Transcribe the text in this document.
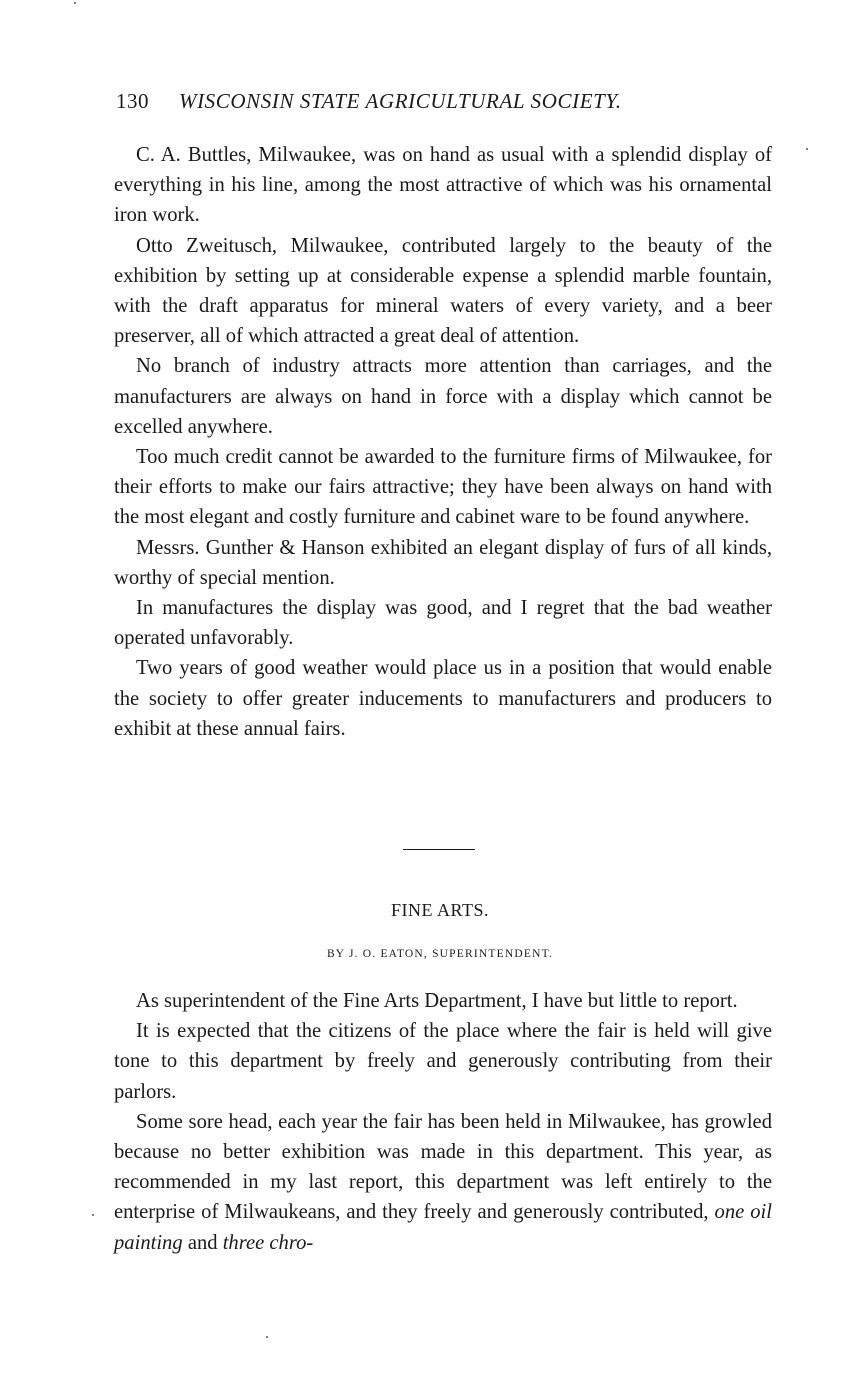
130 WISCONSIN STATE AGRICULTURAL SOCIETY.

C. A. Buttles, Milwaukee, was on hand as usual with a splendid display of everything in his line, among the most attractive of which was his ornamental iron work.

Otto Zweitusch, Milwaukee, contributed largely to the beauty of the exhibition by setting up at considerable expense a splendid marble fountain, with the draft apparatus for mineral waters of every variety, and a beer preserver, all of which attracted a great deal of attention.

No branch of industry attracts more attention than carriages, and the manufacturers are always on hand in force with a display which cannot be excelled anywhere.

Too much credit cannot be awarded to the furniture firms of Milwaukee, for their efforts to make our fairs attractive; they have been always on hand with the most elegant and costly furniture and cabinet ware to be found anywhere.

Messrs. Gunther & Hanson exhibited an elegant display of furs of all kinds, worthy of special mention.

In manufactures the display was good, and I regret that the bad weather operated unfavorably.

Two years of good weather would place us in a position that would enable the society to offer greater inducements to manufacturers and producers to exhibit at these annual fairs.

FINE ARTS.
BY J. O. EATON, SUPERINTENDENT.

As superintendent of the Fine Arts Department, I have but little to report.

It is expected that the citizens of the place where the fair is held will give tone to this department by freely and generously contributing from their parlors.

Some sore head, each year the fair has been held in Milwaukee, has growled because no better exhibition was made in this department. This year, as recommended in my last report, this department was left entirely to the enterprise of Milwaukeans, and they freely and generously contributed, one oil painting and three chro-
